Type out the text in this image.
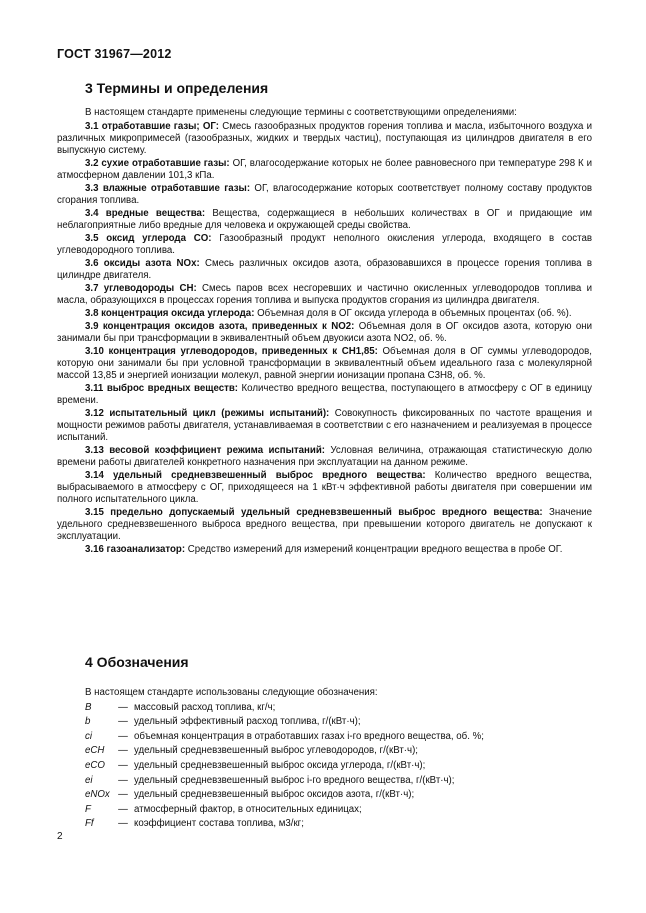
ГОСТ 31967—2012
3 Термины и определения

В настоящем стандарте применены следующие термины с соответствующими определениями:

3.1 отработавшие газы; ОГ: Смесь газообразных продуктов горения топлива и масла, избыточного воздуха и различных микропримесей (газообразных, жидких и твердых частиц), поступающая из цилиндров двигателя в его выпускную систему.

3.2 сухие отработавшие газы: ОГ, влагосодержание которых не более равновесного при температуре 298 К и атмосферном давлении 101,3 кПа.

3.3 влажные отработавшие газы: ОГ, влагосодержание которых соответствует полному составу продуктов сгорания топлива.

3.4 вредные вещества: Вещества, содержащиеся в небольших количествах в ОГ и придающие им неблагоприятные либо вредные для человека и окружающей среды свойства.

3.5 оксид углерода CO: Газообразный продукт неполного окисления углерода, входящего в состав углеводородного топлива.

3.6 оксиды азота NOx: Смесь различных оксидов азота, образовавшихся в процессе горения топлива в цилиндре двигателя.

3.7 углеводороды CH: Смесь паров всех несгоревших и частично окисленных углеводородов топлива и масла, образующихся в процессах горения топлива и выпуска продуктов сгорания из цилиндра двигателя.

3.8 концентрация оксида углерода: Объемная доля в ОГ оксида углерода в объемных процентах (об. %).

3.9 концентрация оксидов азота, приведенных к NO2: Объемная доля в ОГ оксидов азота, которую они занимали бы при трансформации в эквивалентный объем двуокиси азота NO2, об. %.

3.10 концентрация углеводородов, приведенных к CH1,85: Объемная доля в ОГ суммы углеводородов, которую они занимали бы при условной трансформации в эквивалентный объем идеального газа с молекулярной массой 13,85 и энергией ионизации молекул, равной энергии ионизации пропана C3H8, об. %.

3.11 выброс вредных веществ: Количество вредного вещества, поступающего в атмосферу с ОГ в единицу времени.

3.12 испытательный цикл (режимы испытаний): Совокупность фиксированных по частоте вращения и мощности режимов работы двигателя, устанавливаемая в соответствии с его назначением и реализуемая в процессе испытаний.

3.13 весовой коэффициент режима испытаний: Условная величина, отражающая статистическую долю времени работы двигателей конкретного назначения при эксплуатации на данном режиме.

3.14 удельный средневзвешенный выброс вредного вещества: Количество вредного вещества, выбрасываемого в атмосферу с ОГ, приходящееся на 1 кВт·ч эффективной работы двигателя при совершении им полного испытательного цикла.

3.15 предельно допускаемый удельный средневзвешенный выброс вредного вещества: Значение удельного средневзвешенного выброса вредного вещества, при превышении которого двигатель не допускают к эксплуатации.

3.16 газоанализатор: Средство измерений для измерений концентрации вредного вещества в пробе ОГ.

4 Обозначения

В настоящем стандарте использованы следующие обозначения:

B	— массовый расход топлива, кг/ч;
b	— удельный эффективный расход топлива, г/(кВт·ч);
ci	— объемная концентрация в отработавших газах i-го вредного вещества, об. %;
eCH	— удельный средневзвешенный выброс углеводородов, г/(кВт·ч);
eCO	— удельный средневзвешенный выброс оксида углерода, г/(кВт·ч);
ei	— удельный средневзвешенный выброс i-го вредного вещества, г/(кВт·ч);
eNOx — удельный средневзвешенный выброс оксидов азота, г/(кВт·ч);
F	— атмосферный фактор, в относительных единицах;
Ff	— коэффициент состава топлива, м3/кг;
2
